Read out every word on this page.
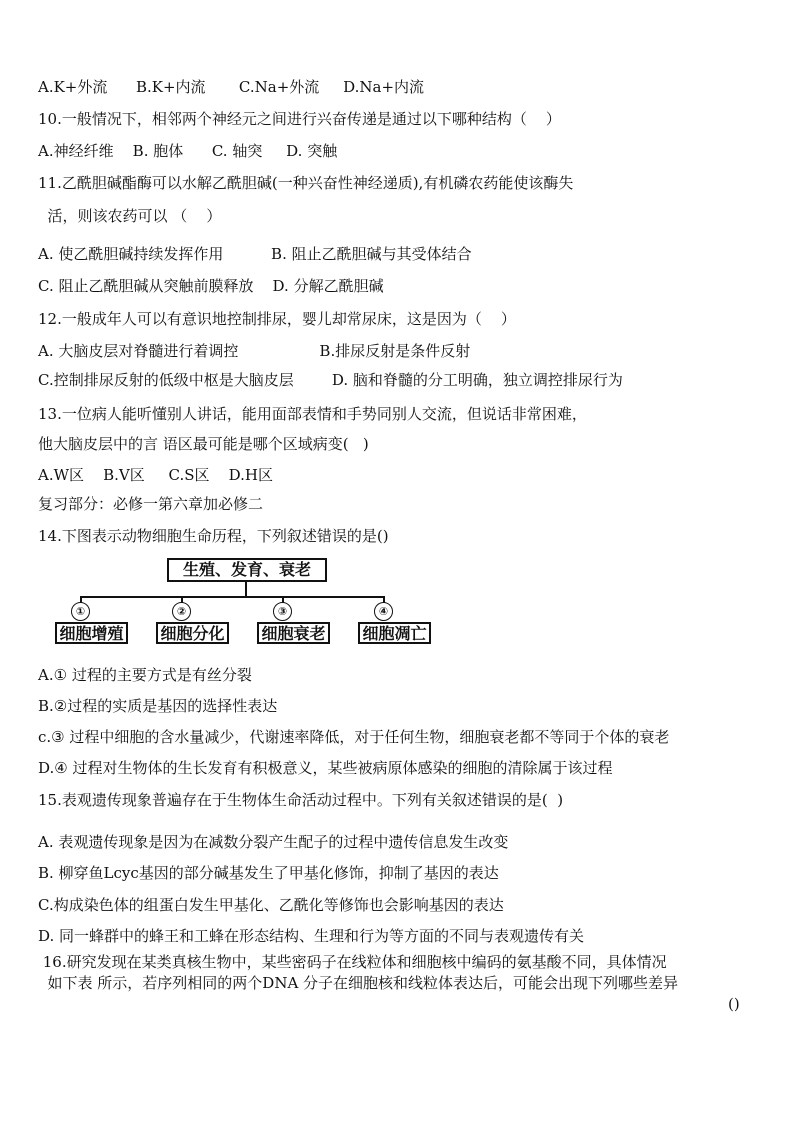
A.K+外流      B.K+内流       C.Na+外流     D.Na+内流
10.一般情况下，相邻两个神经元之间进行兴奋传递是通过以下哪种结构（    ）
A.神经纤维    B. 胞体      C. 轴突     D. 突触
11.乙酰胆碱酯酶可以水解乙酰胆碱(一种兴奋性神经递质),有机磷农药能使该酶失
活，则该农药可以 （    ）
A. 使乙酰胆碱持续发挥作用          B. 阻止乙酰胆碱与其受体结合
C. 阻止乙酰胆碱从突触前膜释放    D. 分解乙酰胆碱
12.一般成年人可以有意识地控制排尿，婴儿却常尿床，这是因为（    ）
A. 大脑皮层对脊髓进行着调控                 B.排尿反射是条件反射
C.控制排尿反射的低级中枢是大脑皮层        D. 脑和脊髓的分工明确，独立调控排尿行为
13.一位病人能听懂别人讲话，能用面部表情和手势同别人交流，但说话非常困难，
他大脑皮层中的言 语区最可能是哪个区域病变(   )
A.W区    B.V区     C.S区    D.H区
复习部分：必修一第六章加必修二
14.下图表示动物细胞生命历程，下列叙述错误的是()
生殖、发育、衰老
①	②	③	④
细胞增殖 细胞分化 细胞衰老 细胞凋亡
A.① 过程的主要方式是有丝分裂
B.②过程的实质是基因的选择性表达
c.③ 过程中细胞的含水量减少，代谢速率降低，对于任何生物，细胞衰老都不等同于个体的衰老
D.④ 过程对生物体的生长发育有积极意义，某些被病原体感染的细胞的清除属于该过程
15.表观遗传现象普遍存在于生物体生命活动过程中。下列有关叙述错误的是(  )
A. 表观遗传现象是因为在减数分裂产生配子的过程中遗传信息发生改变
B. 柳穿鱼Lcyc基因的部分碱基发生了甲基化修饰，抑制了基因的表达
C.构成染色体的组蛋白发生甲基化、乙酰化等修饰也会影响基因的表达
D. 同一蜂群中的蜂王和工蜂在形态结构、生理和行为等方面的不同与表观遗传有关
16.研究发现在某类真核生物中，某些密码子在线粒体和细胞核中编码的氨基酸不同，具体情况
如下表 所示，若序列相同的两个DNA 分子在细胞核和线粒体表达后，可能会出现下列哪些差异
()
